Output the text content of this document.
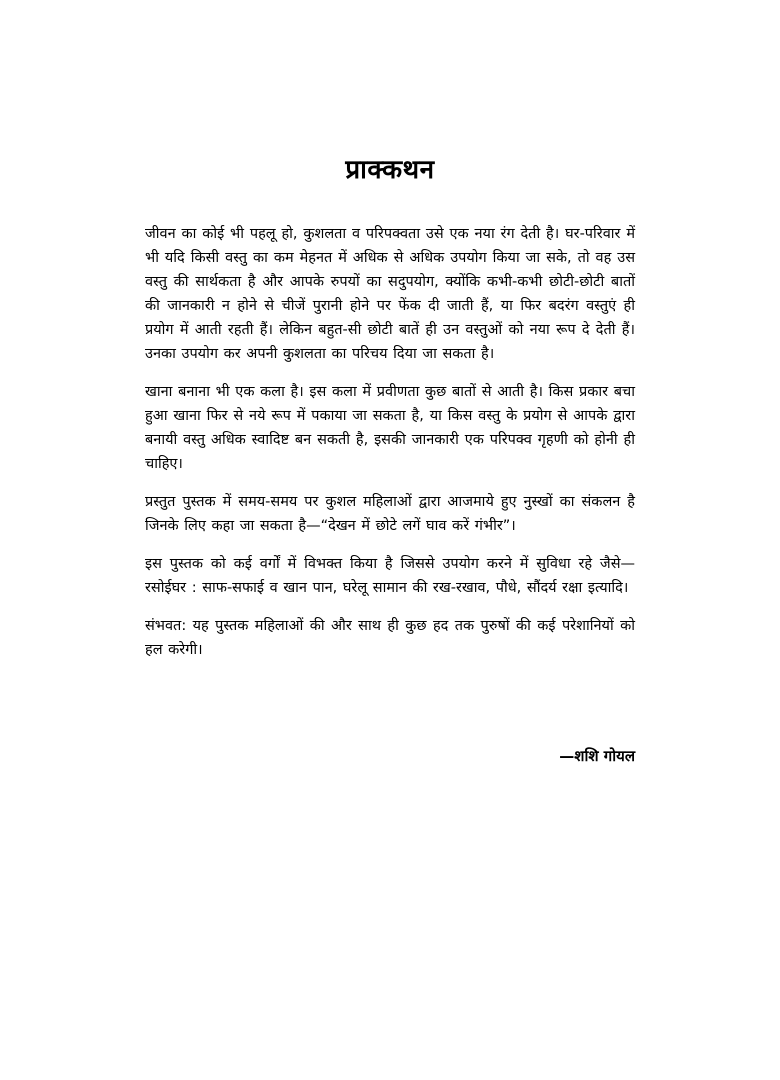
प्राक्कथन

जीवन का कोई भी पहलू हो, कुशलता व परिपक्वता उसे एक नया रंग देती है। घर-परिवार में भी यदि किसी वस्तु का कम मेहनत में अधिक से अधिक उपयोग किया जा सके, तो वह उस वस्तु की सार्थकता है और आपके रुपयों का सदुपयोग, क्योंकि कभी-कभी छोटी-छोटी बातों की जानकारी न होने से चीजें पुरानी होने पर फेंक दी जाती हैं, या फिर बदरंग वस्तुएं ही प्रयोग में आती रहती हैं। लेकिन बहुत-सी छोटी बातें ही उन वस्तुओं को नया रूप दे देती हैं। उनका उपयोग कर अपनी कुशलता का परिचय दिया जा सकता है।

खाना बनाना भी एक कला है। इस कला में प्रवीणता कुछ बातों से आती है। किस प्रकार बचा हुआ खाना फिर से नये रूप में पकाया जा सकता है, या किस वस्तु के प्रयोग से आपके द्वारा बनायी वस्तु अधिक स्वादिष्ट बन सकती है, इसकी जानकारी एक परिपक्व गृहणी को होनी ही चाहिए।

प्रस्तुत पुस्तक में समय-समय पर कुशल महिलाओं द्वारा आजमाये हुए नुस्खों का संकलन है जिनके लिए कहा जा सकता है—“देखन में छोटे लगें घाव करें गंभीर”।

इस पुस्तक को कई वर्गों में विभक्त किया है जिससे उपयोग करने में सुविधा रहे जैसे—रसोईघर : साफ-सफाई व खान पान, घरेलू सामान की रख-रखाव, पौधे, सौंदर्य रक्षा इत्यादि।

संभवत: यह पुस्तक महिलाओं की और साथ ही कुछ हद तक पुरुषों की कई परेशानियों को हल करेगी।

—शशि गोयल
